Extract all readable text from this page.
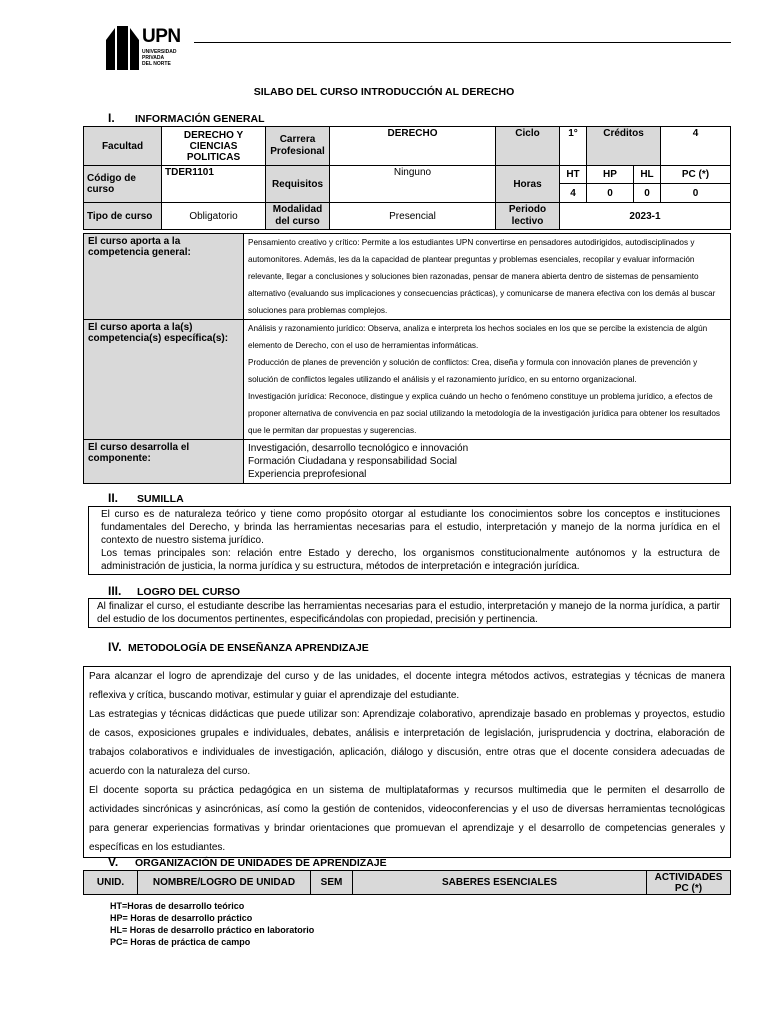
UPN
UNIVERSIDAD
PRIVADA
DEL NORTE
SILABO DEL CURSO INTRODUCCIÓN AL DERECHO
I. INFORMACIÓN GENERAL
Facultad	DERECHO Y CIENCIAS POLITICAS	Carrera Profesional	DERECHO	Ciclo	1°	Créditos		4
Código de curso	TDER1101	Requisitos	Ninguno	Horas	HT	HP	HL	PC (*)
					4	0	0	0
Tipo de curso	Obligatorio	Modalidad del curso	Presencial	Periodo lectivo	2023-1			
El curso aporta a la competencia general:	Pensamiento creativo y crítico: Permite a los estudiantes UPN convertirse en pensadores autodirigidos, autodisciplinados y automonitores. Además, les da la capacidad de plantear preguntas y problemas esenciales, recopilar y evaluar información relevante, llegar a conclusiones y soluciones bien razonadas, pensar de manera abierta dentro de sistemas de pensamiento alternativo (evaluando sus implicaciones y consecuencias prácticas), y comunicarse de manera efectiva con los demás al buscar soluciones para problemas complejos.
El curso aporta a la(s) competencia(s) específica(s):	Análisis y razonamiento jurídico: Observa, analiza e interpreta los hechos sociales en los que se percibe la existencia de algún elemento de Derecho, con el uso de herramientas informáticas.
Producción de planes de prevención y solución de conflictos: Crea, diseña y formula con innovación planes de prevención y solución de conflictos legales utilizando el análisis y el razonamiento jurídico, en su entorno organizacional.
Investigación jurídica: Reconoce, distingue y explica cuándo un hecho o fenómeno constituye un problema jurídico, a efectos de proponer alternativa de convivencia en paz social utilizando la metodología de la investigación jurídica para obtener los resultados que le permitan dar propuestas y sugerencias.

El curso desarrolla el componente:	Investigación, desarrollo tecnológico e innovación
Formación Ciudadana y responsabilidad Social
Experiencia preprofesional
II. SUMILLA
El curso es de naturaleza teórico y tiene como propósito otorgar al estudiante los conocimientos sobre los conceptos e instituciones fundamentales del Derecho, y brinda las herramientas necesarias para el estudio, interpretación y manejo de la norma jurídica en el contexto de nuestro sistema jurídico.
Los temas principales son: relación entre Estado y derecho, los organismos constitucionalmente autónomos y la estructura de administración de justicia, la norma jurídica y su estructura, métodos de interpretación e integración jurídica.
III. LOGRO DEL CURSO
Al finalizar el curso, el estudiante describe las herramientas necesarias para el estudio, interpretación y manejo de la norma jurídica, a partir del estudio de los documentos pertinentes, especificándolas con propiedad, precisión y pertinencia.
IV. METODOLOGÍA DE ENSEÑANZA APRENDIZAJE
Para alcanzar el logro de aprendizaje del curso y de las unidades, el docente integra métodos activos, estrategias y técnicas de manera reflexiva y crítica, buscando motivar, estimular y guiar el aprendizaje del estudiante.
Las estrategias y técnicas didácticas que puede utilizar son: Aprendizaje colaborativo, aprendizaje basado en problemas y proyectos, estudio de casos, exposiciones grupales e individuales, debates, análisis e interpretación de legislación, jurisprudencia y doctrina, elaboración de trabajos colaborativos e individuales de investigación, aplicación, diálogo y discusión, entre otras que el docente considera adecuadas de acuerdo con la naturaleza del curso.
El docente soporta su práctica pedagógica en un sistema de multiplataformas y recursos multimedia que le permiten el desarrollo de actividades sincrónicas y asincrónicas, así como la gestión de contenidos, videoconferencias y el uso de diversas herramientas tecnológicas para generar experiencias formativas y brindar orientaciones que promuevan el aprendizaje y el desarrollo de competencias generales y específicas en los estudiantes.
V. ORGANIZACIÓN DE UNIDADES DE APRENDIZAJE
UNID.	NOMBRE/LOGRO DE UNIDAD	SEM	SABERES ESENCIALES	ACTIVIDADES PC (*)
HT=Horas de desarrollo teórico
HP= Horas de desarrollo práctico
HL= Horas de desarrollo práctico en laboratorio
PC= Horas de práctica de campo
